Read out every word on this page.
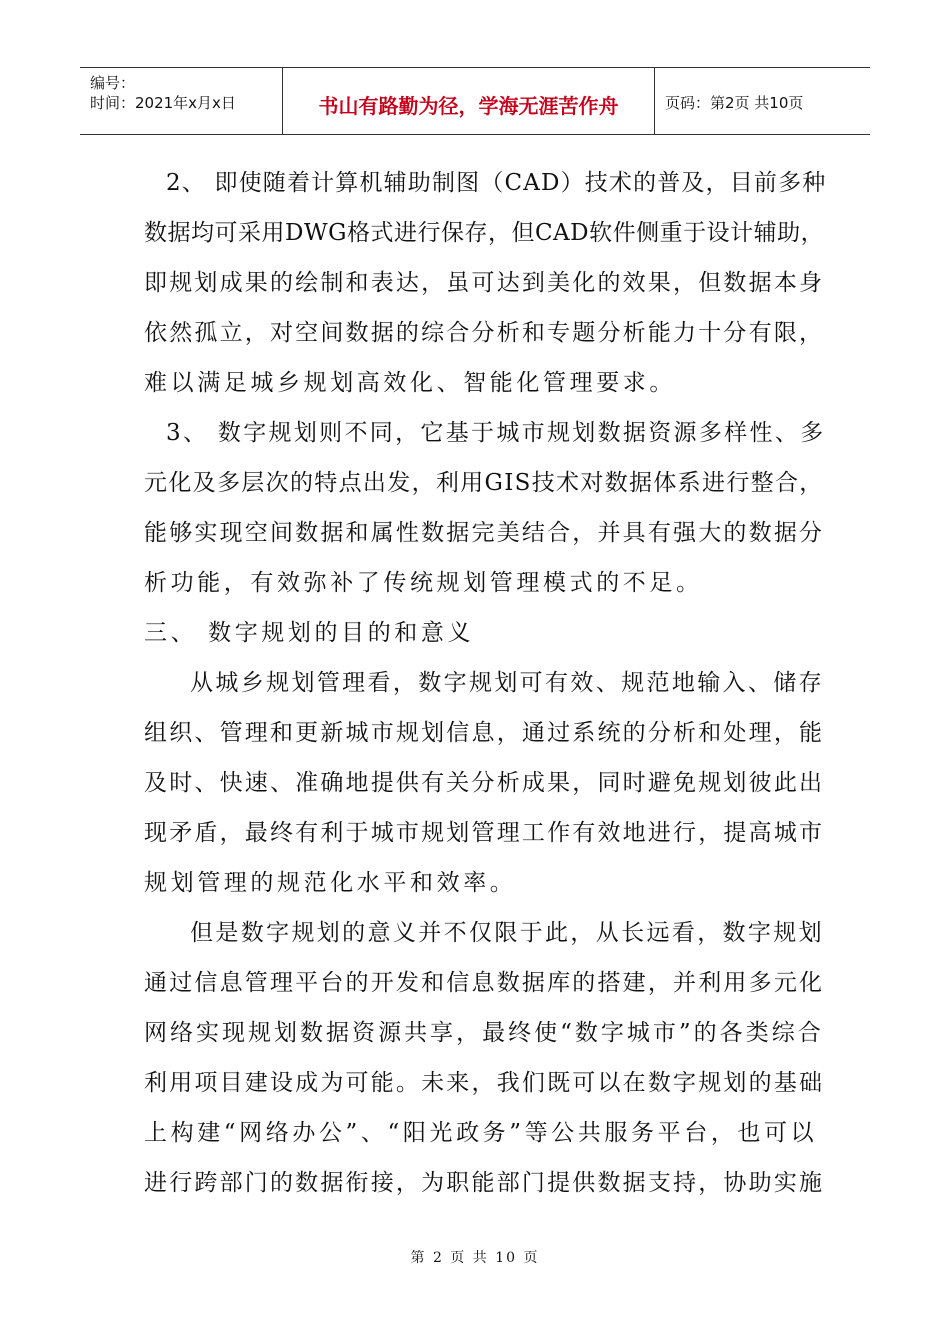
编号：
时间：2021年x月x日	书山有路勤为径，学海无涯苦作舟	页码：第2页 共10页
2、 即使随着计算机辅助制图（CAD）技术的普及，目前多种
数据均可采用DWG格式进行保存，但CAD软件侧重于设计辅助，
即规划成果的绘制和表达，虽可达到美化的效果，但数据本身
依然孤立，对空间数据的综合分析和专题分析能力十分有限，
难以满足城乡规划高效化、智能化管理要求。
3、 数字规划则不同，它基于城市规划数据资源多样性、多
元化及多层次的特点出发，利用GIS技术对数据体系进行整合，
能够实现空间数据和属性数据完美结合，并具有强大的数据分
析功能，有效弥补了传统规划管理模式的不足。
三、 数字规划的目的和意义
从城乡规划管理看，数字规划可有效、规范地输入、储存
组织、管理和更新城市规划信息，通过系统的分析和处理，能
及时、快速、准确地提供有关分析成果，同时避免规划彼此出
现矛盾，最终有利于城市规划管理工作有效地进行，提高城市
规划管理的规范化水平和效率。
但是数字规划的意义并不仅限于此，从长远看，数字规划
通过信息管理平台的开发和信息数据库的搭建，并利用多元化
网络实现规划数据资源共享，最终使“数字城市”的各类综合
利用项目建设成为可能。未来，我们既可以在数字规划的基础
上构建“网络办公”、“阳光政务”等公共服务平台，也可以
进行跨部门的数据衔接，为职能部门提供数据支持，协助实施
第 2 页 共 10 页
